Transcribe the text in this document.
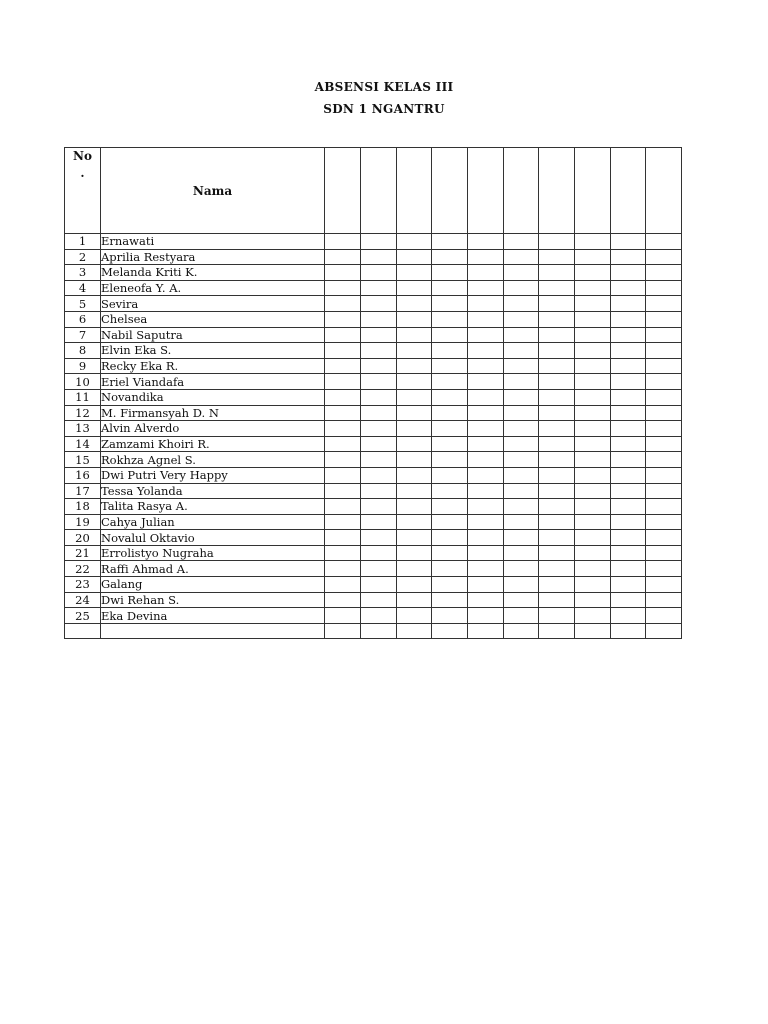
ABSENSI KELAS III
SDN 1 NGANTRU
No
.	Nama										
1	Ernawati										
2	Aprilia Restyara										
3	Melanda Kriti K.										
4	Eleneofa Y. A.										
5	Sevira										
6	Chelsea										
7	Nabil Saputra										
8	Elvin Eka S.										
9	Recky Eka R.										
10	Eriel Viandafa										
11	Novandika										
12	M. Firmansyah D. N										
13	Alvin Alverdo										
14	Zamzami Khoiri R.										
15	Rokhza Agnel S.										
16	Dwi Putri Very Happy										
17	Tessa Yolanda										
18	Talita Rasya A.										
19	Cahya Julian										
20	Novalul Oktavio										
21	Errolistyo Nugraha										
22	Raffi Ahmad A.										
23	Galang										
24	Dwi Rehan S.										
25	Eka Devina										
